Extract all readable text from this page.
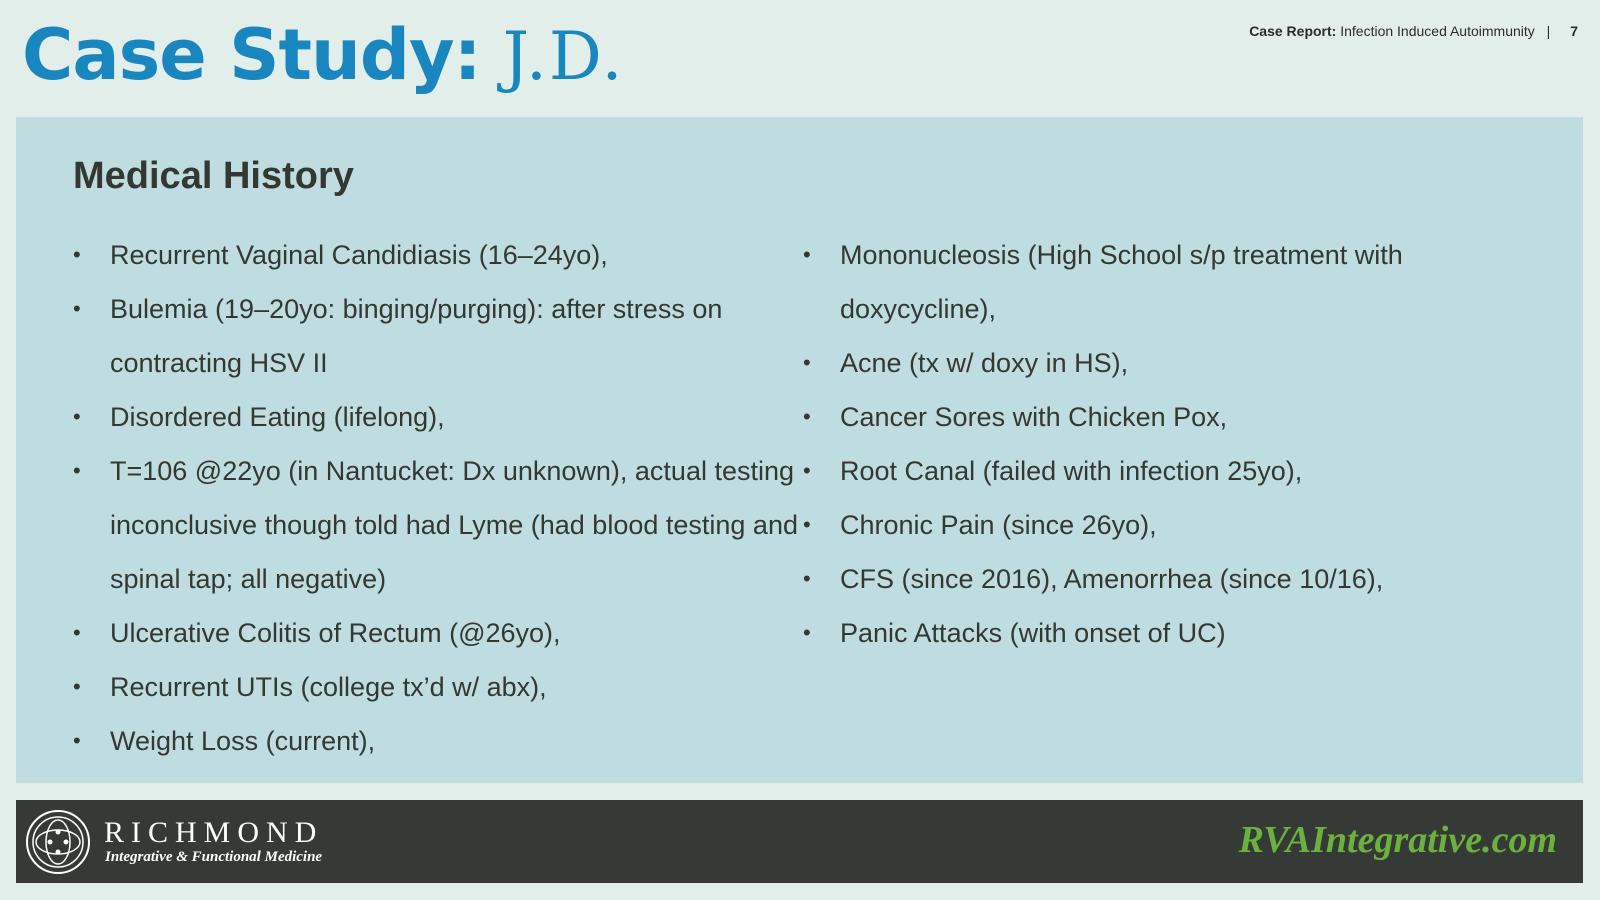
Case Study: J.D.	Case Report: Infection Induced Autoimmunity | 7
Medical History
• Recurrent Vaginal Candidiasis (16–24yo),
• Bulemia (19–20yo: binging/purging): after stress on contracting HSV II
• Disordered Eating (lifelong),
• T=106 @22yo (in Nantucket: Dx unknown), actual testing inconclusive though told had Lyme (had blood testing and spinal tap; all negative)
• Ulcerative Colitis of Rectum (@26yo),
• Recurrent UTIs (college tx’d w/ abx),
• Weight Loss (current),
• Mononucleosis (High School s/p treatment with doxycycline),
• Acne (tx w/ doxy in HS),
• Cancer Sores with Chicken Pox,
• Root Canal (failed with infection 25yo),
• Chronic Pain (since 26yo),
• CFS (since 2016), Amenorrhea (since 10/16),
• Panic Attacks (with onset of UC)
RICHMOND
Integrative & Functional Medicine	RVAIntegrative.com
